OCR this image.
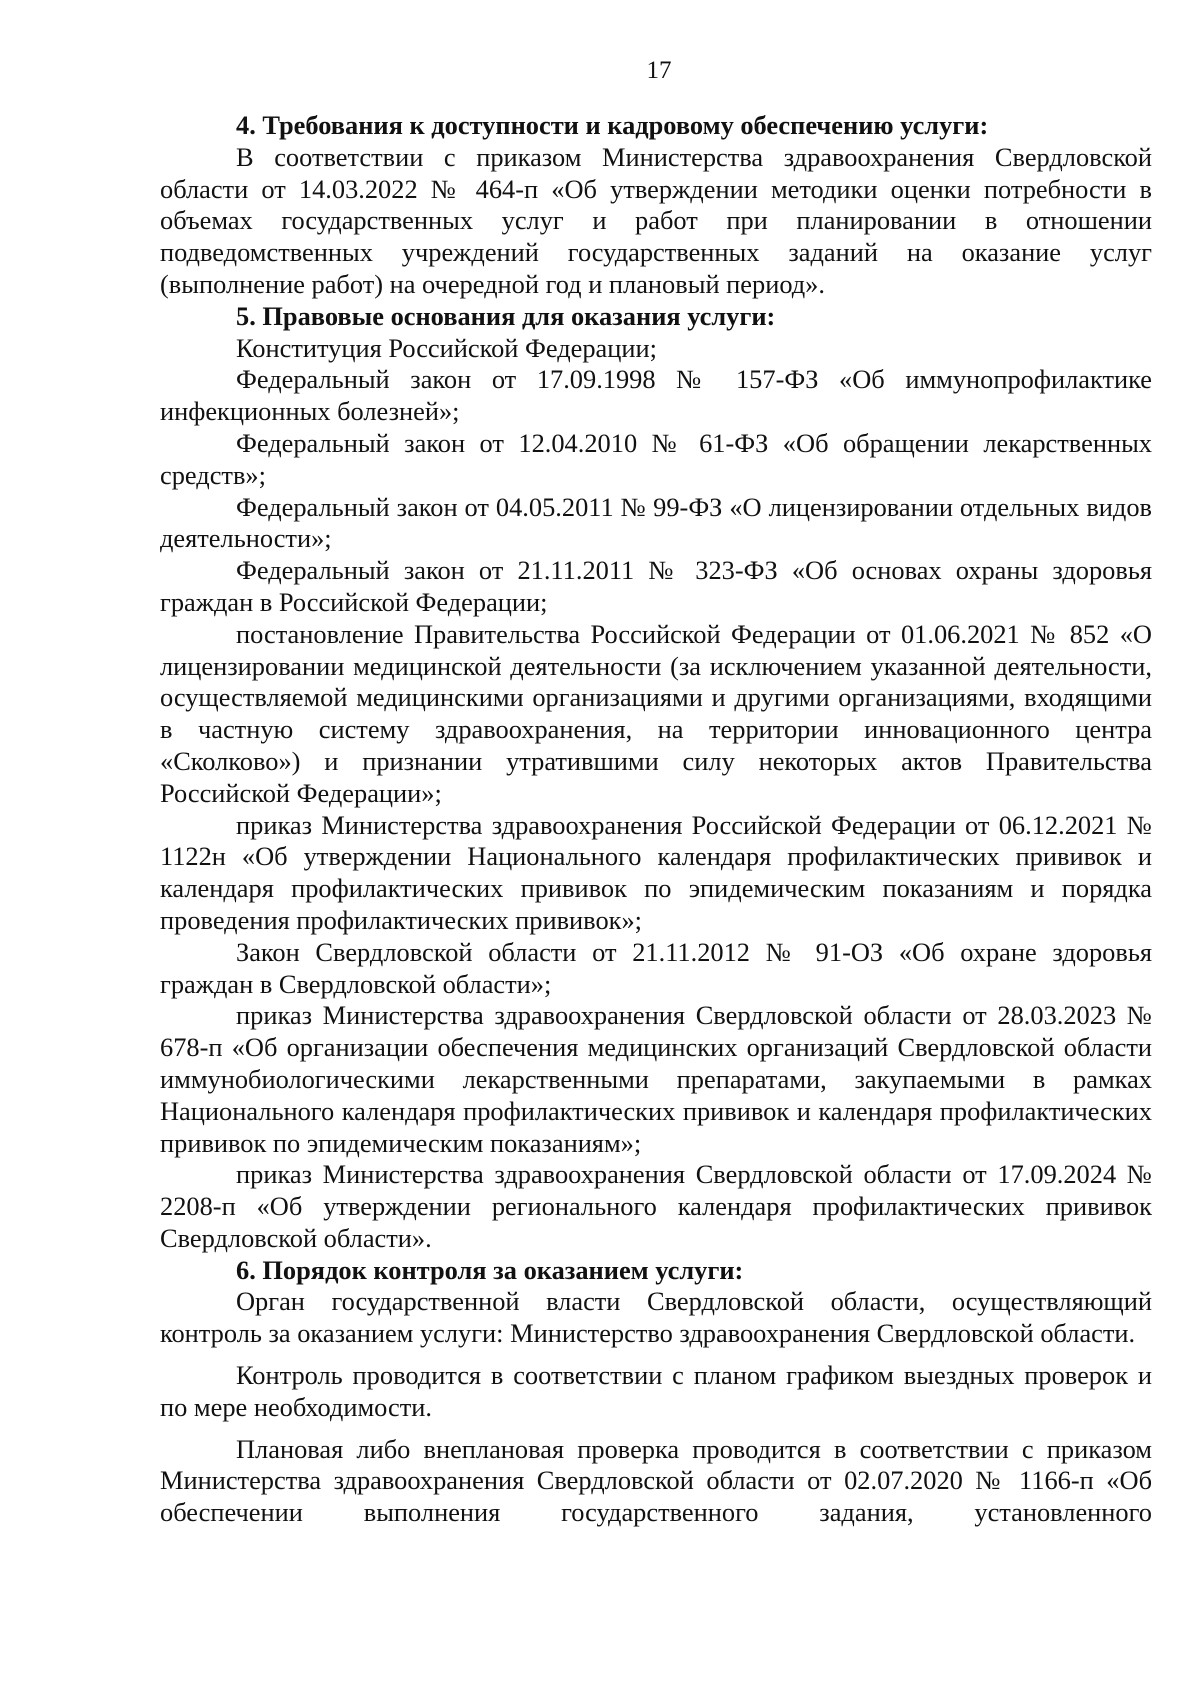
17
4. Требования к доступности и кадровому обеспечению услуги:

В соответствии с приказом Министерства здравоохранения Свердловской области от 14.03.2022 № 464-п «Об утверждении методики оценки потребности в объемах государственных услуг и работ при планировании в отношении подведомственных учреждений государственных заданий на оказание услуг (выполнение работ) на очередной год и плановый период».

5. Правовые основания для оказания услуги:

Конституция Российской Федерации;

Федеральный закон от 17.09.1998 № 157-ФЗ «Об иммунопрофилактике инфекционных болезней»;

Федеральный закон от 12.04.2010 № 61-ФЗ «Об обращении лекарственных средств»;

Федеральный закон от 04.05.2011 № 99-ФЗ «О лицензировании отдельных видов деятельности»;

Федеральный закон от 21.11.2011 № 323-ФЗ «Об основах охраны здоровья граждан в Российской Федерации;

постановление Правительства Российской Федерации от 01.06.2021 № 852 «О лицензировании медицинской деятельности (за исключением указанной деятельности, осуществляемой медицинскими организациями и другими организациями, входящими в частную систему здравоохранения, на территории инновационного центра «Сколково») и признании утратившими силу некоторых актов Правительства Российской Федерации»;

приказ Министерства здравоохранения Российской Федерации от 06.12.2021 № 1122н «Об утверждении Национального календаря профилактических прививок и календаря профилактических прививок по эпидемическим показаниям и порядка проведения профилактических прививок»;

Закон Свердловской области от 21.11.2012 № 91-ОЗ «Об охране здоровья граждан в Свердловской области»;

приказ Министерства здравоохранения Свердловской области от 28.03.2023 № 678-п «Об организации обеспечения медицинских организаций Свердловской области иммунобиологическими лекарственными препаратами, закупаемыми в рамках Национального календаря профилактических прививок и календаря профилактических прививок по эпидемическим показаниям»;

приказ Министерства здравоохранения Свердловской области от 17.09.2024 № 2208-п «Об утверждении регионального календаря профилактических прививок Свердловской области».

6. Порядок контроля за оказанием услуги:

Орган государственной власти Свердловской области, осуществляющий контроль за оказанием услуги: Министерство здравоохранения Свердловской области.

Контроль проводится в соответствии с планом графиком выездных проверок и по мере необходимости.

Плановая либо внеплановая проверка проводится в соответствии с приказом Министерства здравоохранения Свердловской области от 02.07.2020 № 1166-п «Об обеспечении выполнения государственного задания, установленного
